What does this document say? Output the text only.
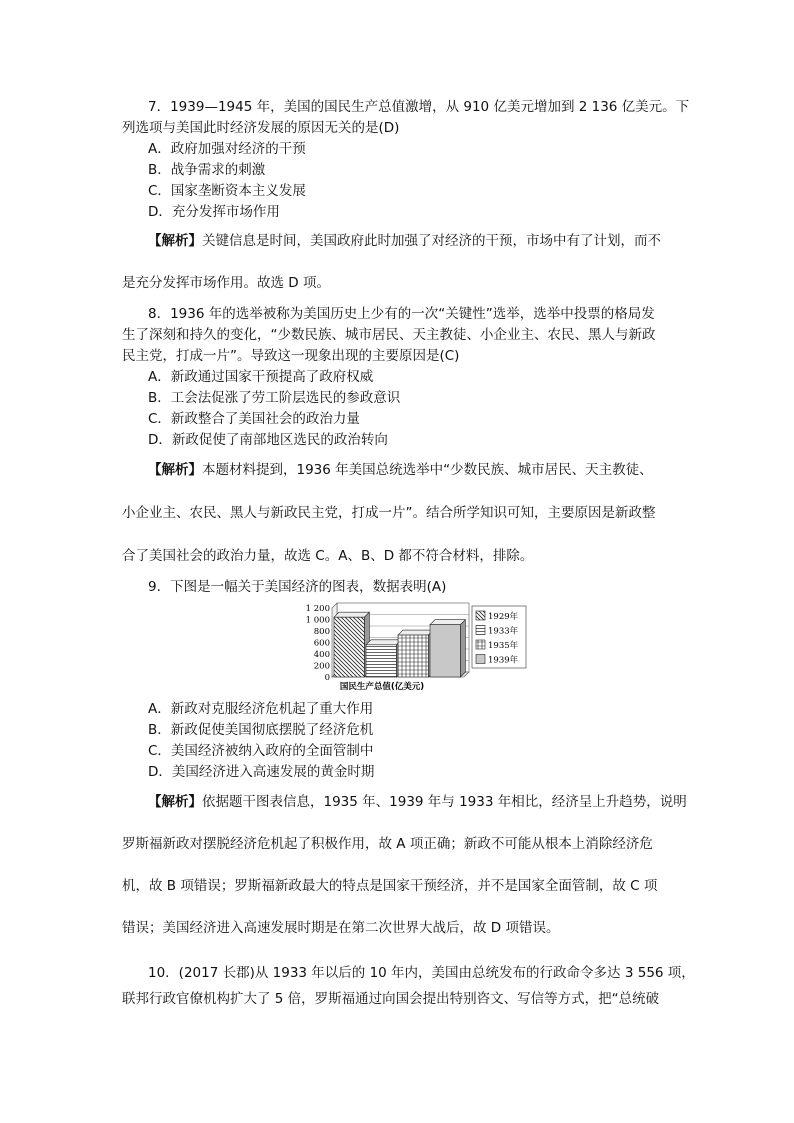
7．1939—1945 年，美国的国民生产总值激增，从 910 亿美元增加到 2 136 亿美元。下
列选项与美国此时经济发展的原因无关的是(D)
A．政府加强对经济的干预
B．战争需求的刺激
C．国家垄断资本主义发展
D．充分发挥市场作用
【解析】关键信息是时间，美国政府此时加强了对经济的干预，市场中有了计划，而不
是充分发挥市场作用。故选 D 项。
8．1936 年的选举被称为美国历史上少有的一次“关键性”选举，选举中投票的格局发
生了深刻和持久的变化，“少数民族、城市居民、天主教徒、小企业主、农民、黑人与新政
民主党，打成一片”。导致这一现象出现的主要原因是(C)
A．新政通过国家干预提高了政府权威
B．工会法促涨了劳工阶层选民的参政意识
C．新政整合了美国社会的政治力量
D．新政促使了南部地区选民的政治转向
【解析】本题材料提到，1936 年美国总统选举中“少数民族、城市居民、天主教徒、
小企业主、农民、黑人与新政民主党，打成一片”。结合所学知识可知，主要原因是新政整
合了美国社会的政治力量，故选 C。A、B、D 都不符合材料，排除。
9．下图是一幅关于美国经济的图表，数据表明(A)
0
200
400
600
800
1 000
1 200
国民生产总值(亿美元)
1929年
1933年
1935年
1939年
A．新政对克服经济危机起了重大作用
B．新政促使美国彻底摆脱了经济危机
C．美国经济被纳入政府的全面管制中
D．美国经济进入高速发展的黄金时期
【解析】依据题干图表信息，1935 年、1939 年与 1933 年相比，经济呈上升趋势，说明
罗斯福新政对摆脱经济危机起了积极作用，故 A 项正确；新政不可能从根本上消除经济危
机，故 B 项错误；罗斯福新政最大的特点是国家干预经济，并不是国家全面管制，故 C 项
错误；美国经济进入高速发展时期是在第二次世界大战后，故 D 项错误。
10．(2017 长郡)从 1933 年以后的 10 年内，美国由总统发布的行政命令多达 3 556 项，
联邦行政官僚机构扩大了 5 倍，罗斯福通过向国会提出特别咨文、写信等方式，把“总统破
